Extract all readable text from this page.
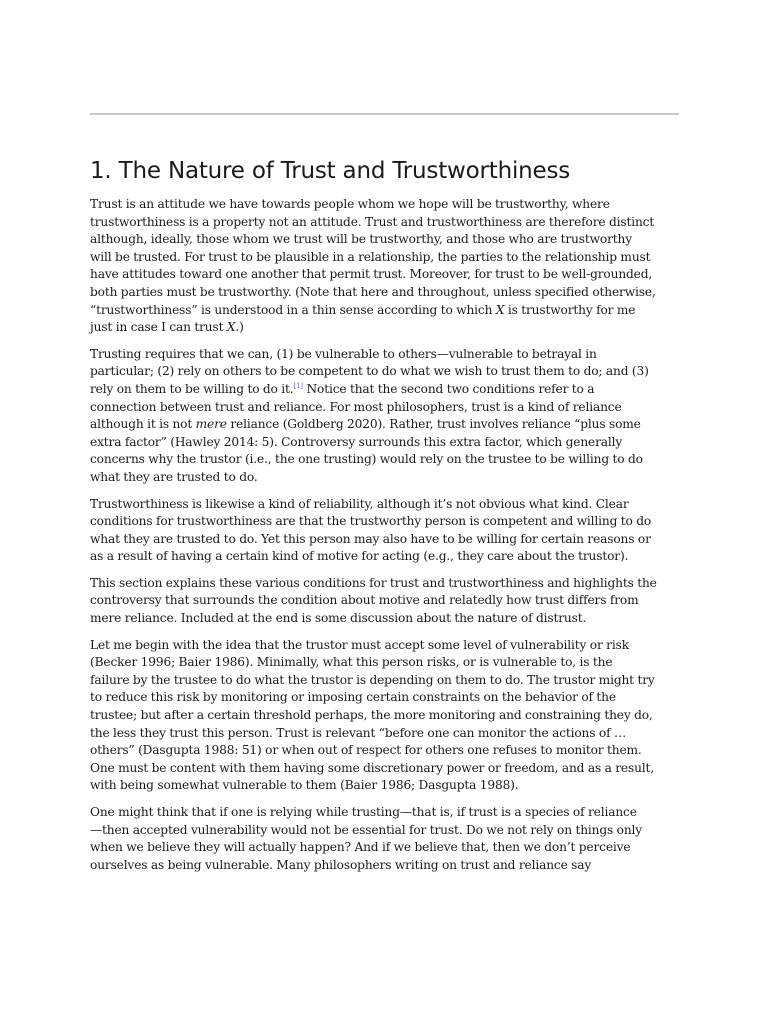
1. The Nature of Trust and Trustworthiness

Trust is an attitude we have towards people whom we hope will be trustworthy, where
trustworthiness is a property not an attitude. Trust and trustworthiness are therefore distinct
although, ideally, those whom we trust will be trustworthy, and those who are trustworthy
will be trusted. For trust to be plausible in a relationship, the parties to the relationship must
have attitudes toward one another that permit trust. Moreover, for trust to be well-grounded,
both parties must be trustworthy. (Note that here and throughout, unless specified otherwise,
“trustworthiness” is understood in a thin sense according to which X is trustworthy for me
just in case I can trust X.)

Trusting requires that we can, (1) be vulnerable to others—vulnerable to betrayal in
particular; (2) rely on others to be competent to do what we wish to trust them to do; and (3)
rely on them to be willing to do it.[1] Notice that the second two conditions refer to a
connection between trust and reliance. For most philosophers, trust is a kind of reliance
although it is not mere reliance (Goldberg 2020). Rather, trust involves reliance “plus some
extra factor” (Hawley 2014: 5). Controversy surrounds this extra factor, which generally
concerns why the trustor (i.e., the one trusting) would rely on the trustee to be willing to do
what they are trusted to do.

Trustworthiness is likewise a kind of reliability, although it’s not obvious what kind. Clear
conditions for trustworthiness are that the trustworthy person is competent and willing to do
what they are trusted to do. Yet this person may also have to be willing for certain reasons or
as a result of having a certain kind of motive for acting (e.g., they care about the trustor).

This section explains these various conditions for trust and trustworthiness and highlights the
controversy that surrounds the condition about motive and relatedly how trust differs from
mere reliance. Included at the end is some discussion about the nature of distrust.

Let me begin with the idea that the trustor must accept some level of vulnerability or risk
(Becker 1996; Baier 1986). Minimally, what this person risks, or is vulnerable to, is the
failure by the trustee to do what the trustor is depending on them to do. The trustor might try
to reduce this risk by monitoring or imposing certain constraints on the behavior of the
trustee; but after a certain threshold perhaps, the more monitoring and constraining they do,
the less they trust this person. Trust is relevant “before one can monitor the actions of …
others” (Dasgupta 1988: 51) or when out of respect for others one refuses to monitor them.
One must be content with them having some discretionary power or freedom, and as a result,
with being somewhat vulnerable to them (Baier 1986; Dasgupta 1988).

One might think that if one is relying while trusting—that is, if trust is a species of reliance
—then accepted vulnerability would not be essential for trust. Do we not rely on things only
when we believe they will actually happen? And if we believe that, then we don’t perceive
ourselves as being vulnerable. Many philosophers writing on trust and reliance say
